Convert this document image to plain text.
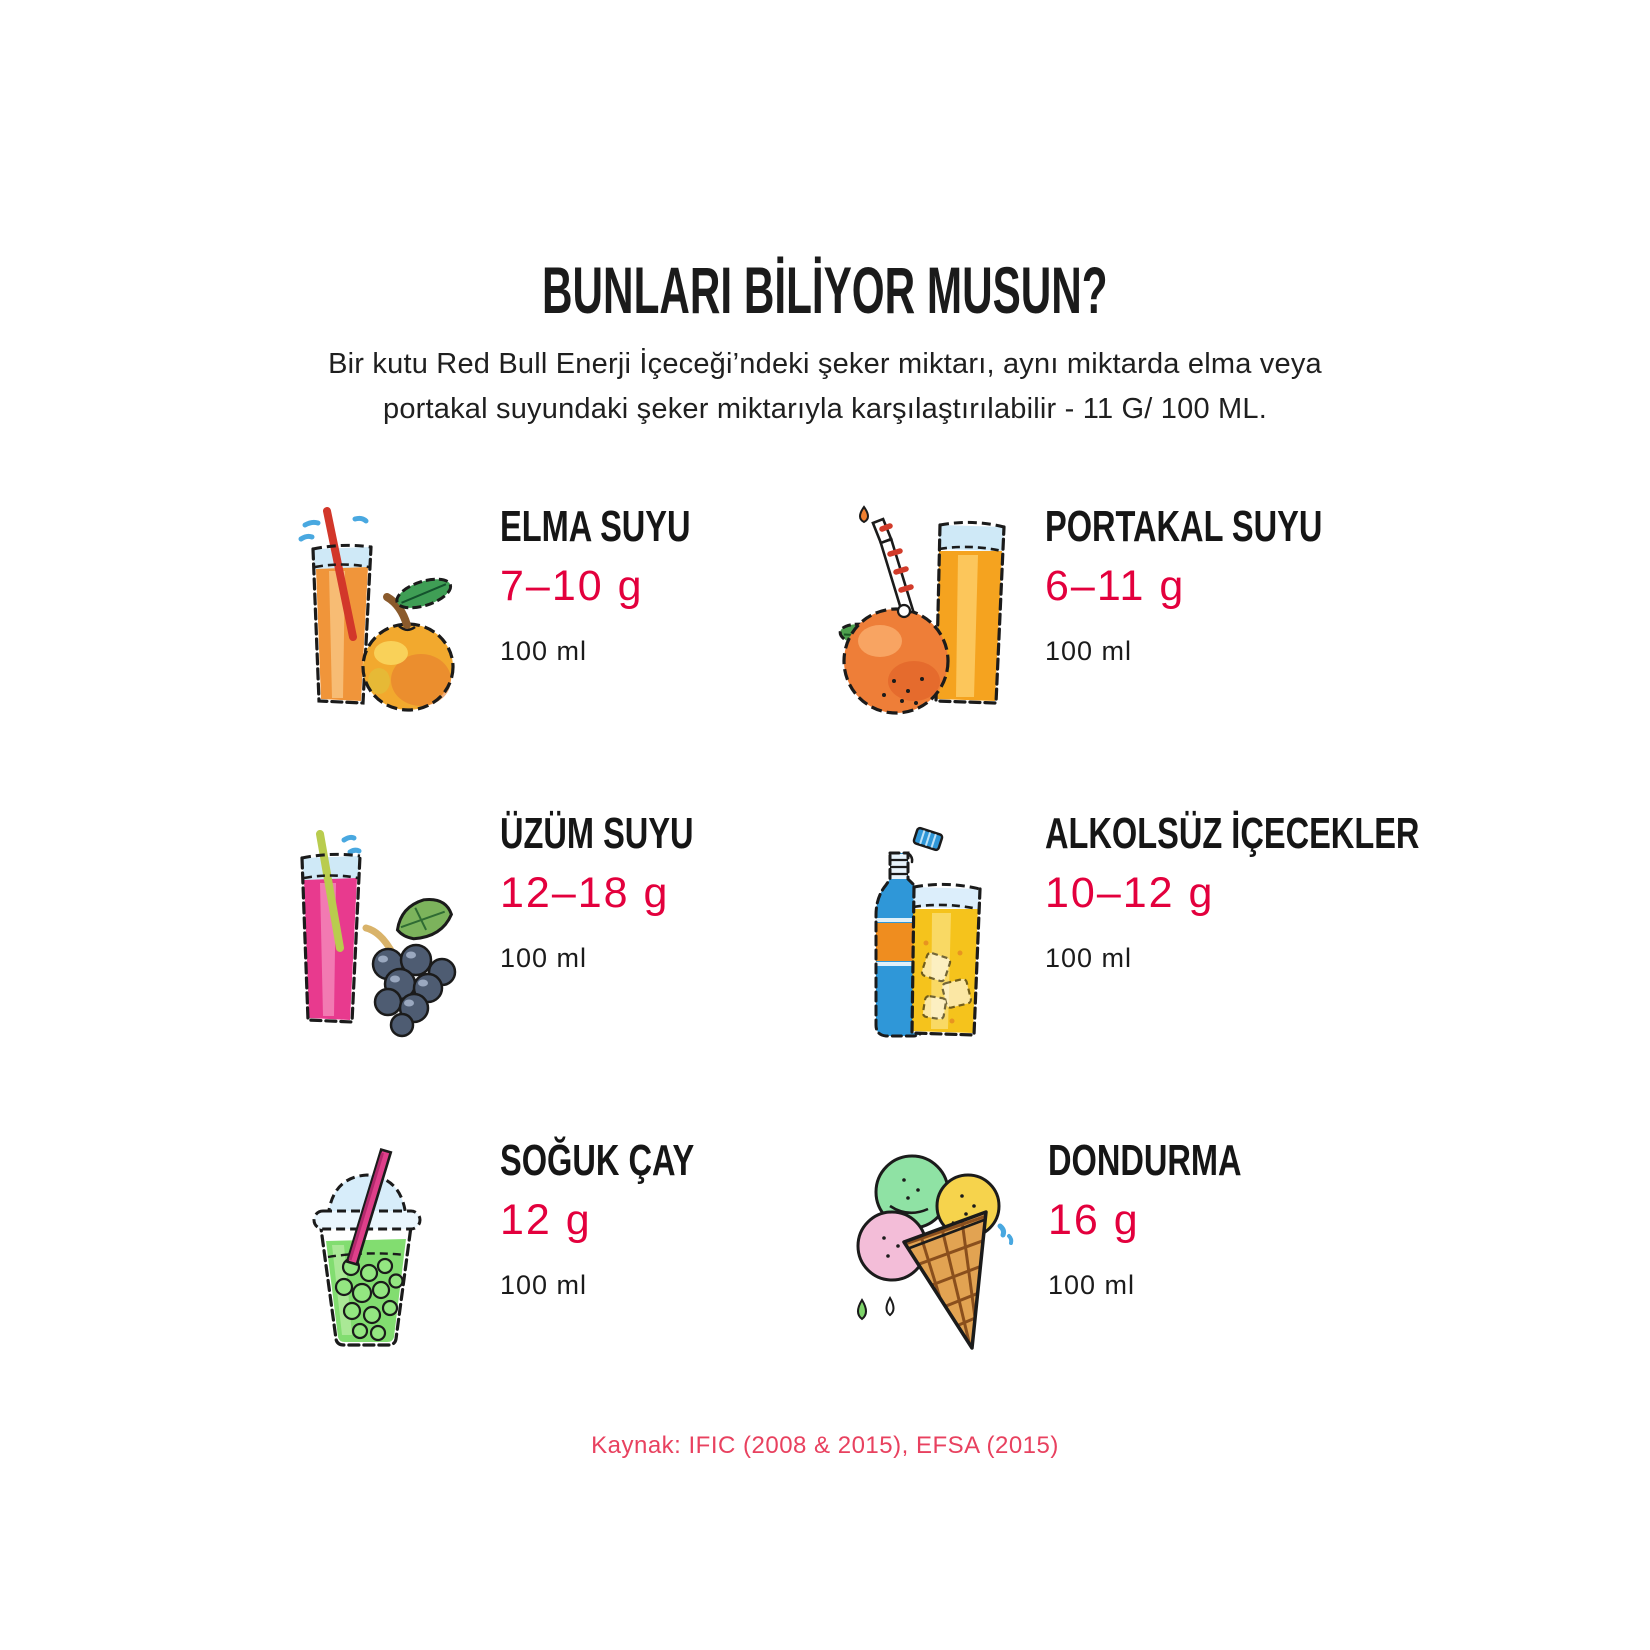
BUNLARI BİLİYOR MUSUN?

Bir kutu Red Bull Enerji İçeceği’ndeki şeker miktarı, aynı miktarda elma veya
portakal suyundaki şeker miktarıyla karşılaştırılabilir - 11 G/ 100 ML.

ELMA SUYU
7–10 g
100 ml
PORTAKAL SUYU
6–11 g
100 ml
ÜZÜM SUYU
12–18 g
100 ml
ALKOLSÜZ İÇECEKLER
10–12 g
100 ml
SOĞUK ÇAY
12 g
100 ml
DONDURMA
16 g
100 ml

Kaynak: IFIC (2008 & 2015), EFSA (2015)
